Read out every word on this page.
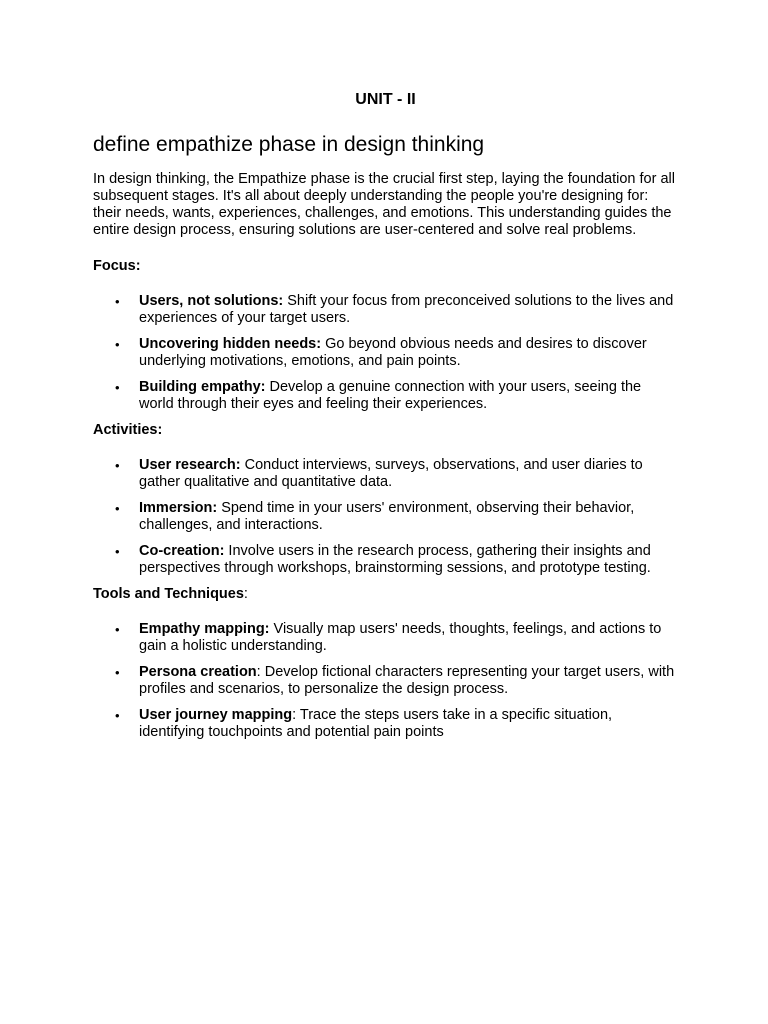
UNIT - II
define empathize phase in design thinking

In design thinking, the Empathize phase is the crucial first step, laying the foundation for all subsequent stages. It's all about deeply understanding the people you're designing for: their needs, wants, experiences, challenges, and emotions. This understanding guides the entire design process, ensuring solutions are user-centered and solve real problems.

Focus:

• Users, not solutions: Shift your focus from preconceived solutions to the lives and experiences of your target users.
• Uncovering hidden needs: Go beyond obvious needs and desires to discover underlying motivations, emotions, and pain points.
• Building empathy: Develop a genuine connection with your users, seeing the world through their eyes and feeling their experiences.

Activities:

• User research: Conduct interviews, surveys, observations, and user diaries to gather qualitative and quantitative data.
• Immersion: Spend time in your users' environment, observing their behavior, challenges, and interactions.
• Co-creation: Involve users in the research process, gathering their insights and perspectives through workshops, brainstorming sessions, and prototype testing.

Tools and Techniques:

• Empathy mapping: Visually map users' needs, thoughts, feelings, and actions to gain a holistic understanding.
• Persona creation: Develop fictional characters representing your target users, with profiles and scenarios, to personalize the design process.
• User journey mapping: Trace the steps users take in a specific situation, identifying touchpoints and potential pain points
